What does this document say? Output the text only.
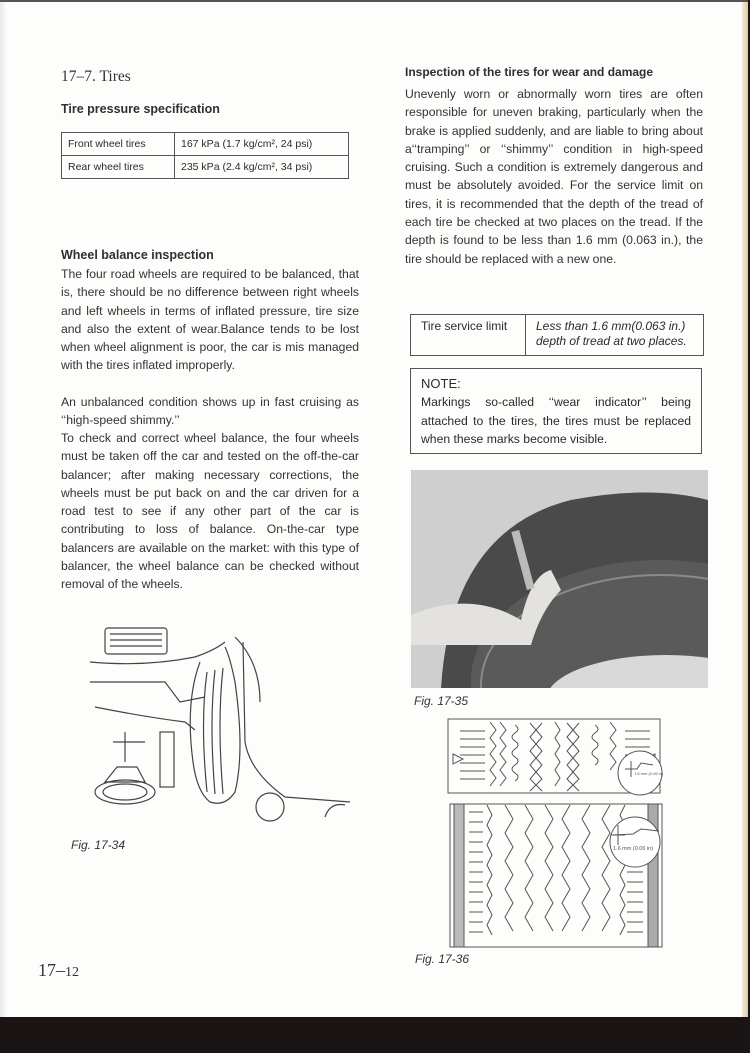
17–7. Tires
Tire pressure specification
Front wheel tires	167 kPa (1.7 kg/cm², 24 psi)
Rear wheel tires	235 kPa (2.4 kg/cm², 34 psi)
Wheel balance inspection
The four road wheels are required to be balanced, that is, there should be no difference between right wheels and left wheels in terms of inflated pressure, tire size and also the extent of wear.Balance tends to be lost when wheel alignment is poor, the car is mis managed with the tires inflated improperly.
An unbalanced condition shows up in fast cruising as ‘‘high-speed shimmy.’’
To check and correct wheel balance, the four wheels must be taken off the car and tested on the off-the-car balancer; after making necessary corrections, the wheels must be put back on and the car driven for a road test to see if any other part of the car is contributing to loss of balance. On-the-car type balancers are available on the market: with this type of balancer, the wheel balance can be checked without removal of the wheels.
Fig. 17-34
Inspection of the tires for wear and damage
Unevenly worn or abnormally worn tires are often responsible for uneven braking, particularly when the brake is applied suddenly, and are liable to bring about a‘‘tramping’’ or ‘‘shimmy’’ condition in high-speed cruising. Such a condition is extremely dangerous and must be absolutely avoided. For the service limit on tires, it is recommended that the depth of the tread of each tire be checked at two places on the tread. If the depth is found to be less than 1.6 mm (0.063 in.), the tire should be replaced with a new one.
Tire service limit	Less than 1.6 mm(0.063 in.) depth of tread at two places.
NOTE:
Markings so-called ‘‘wear indicator’’ being attached to the tires, the tires must be replaced when these marks become visible.
Fig. 17-35
1.6 mm (0.06 in)
1.6 mm (0.06 in)
Fig. 17-36
17–12
